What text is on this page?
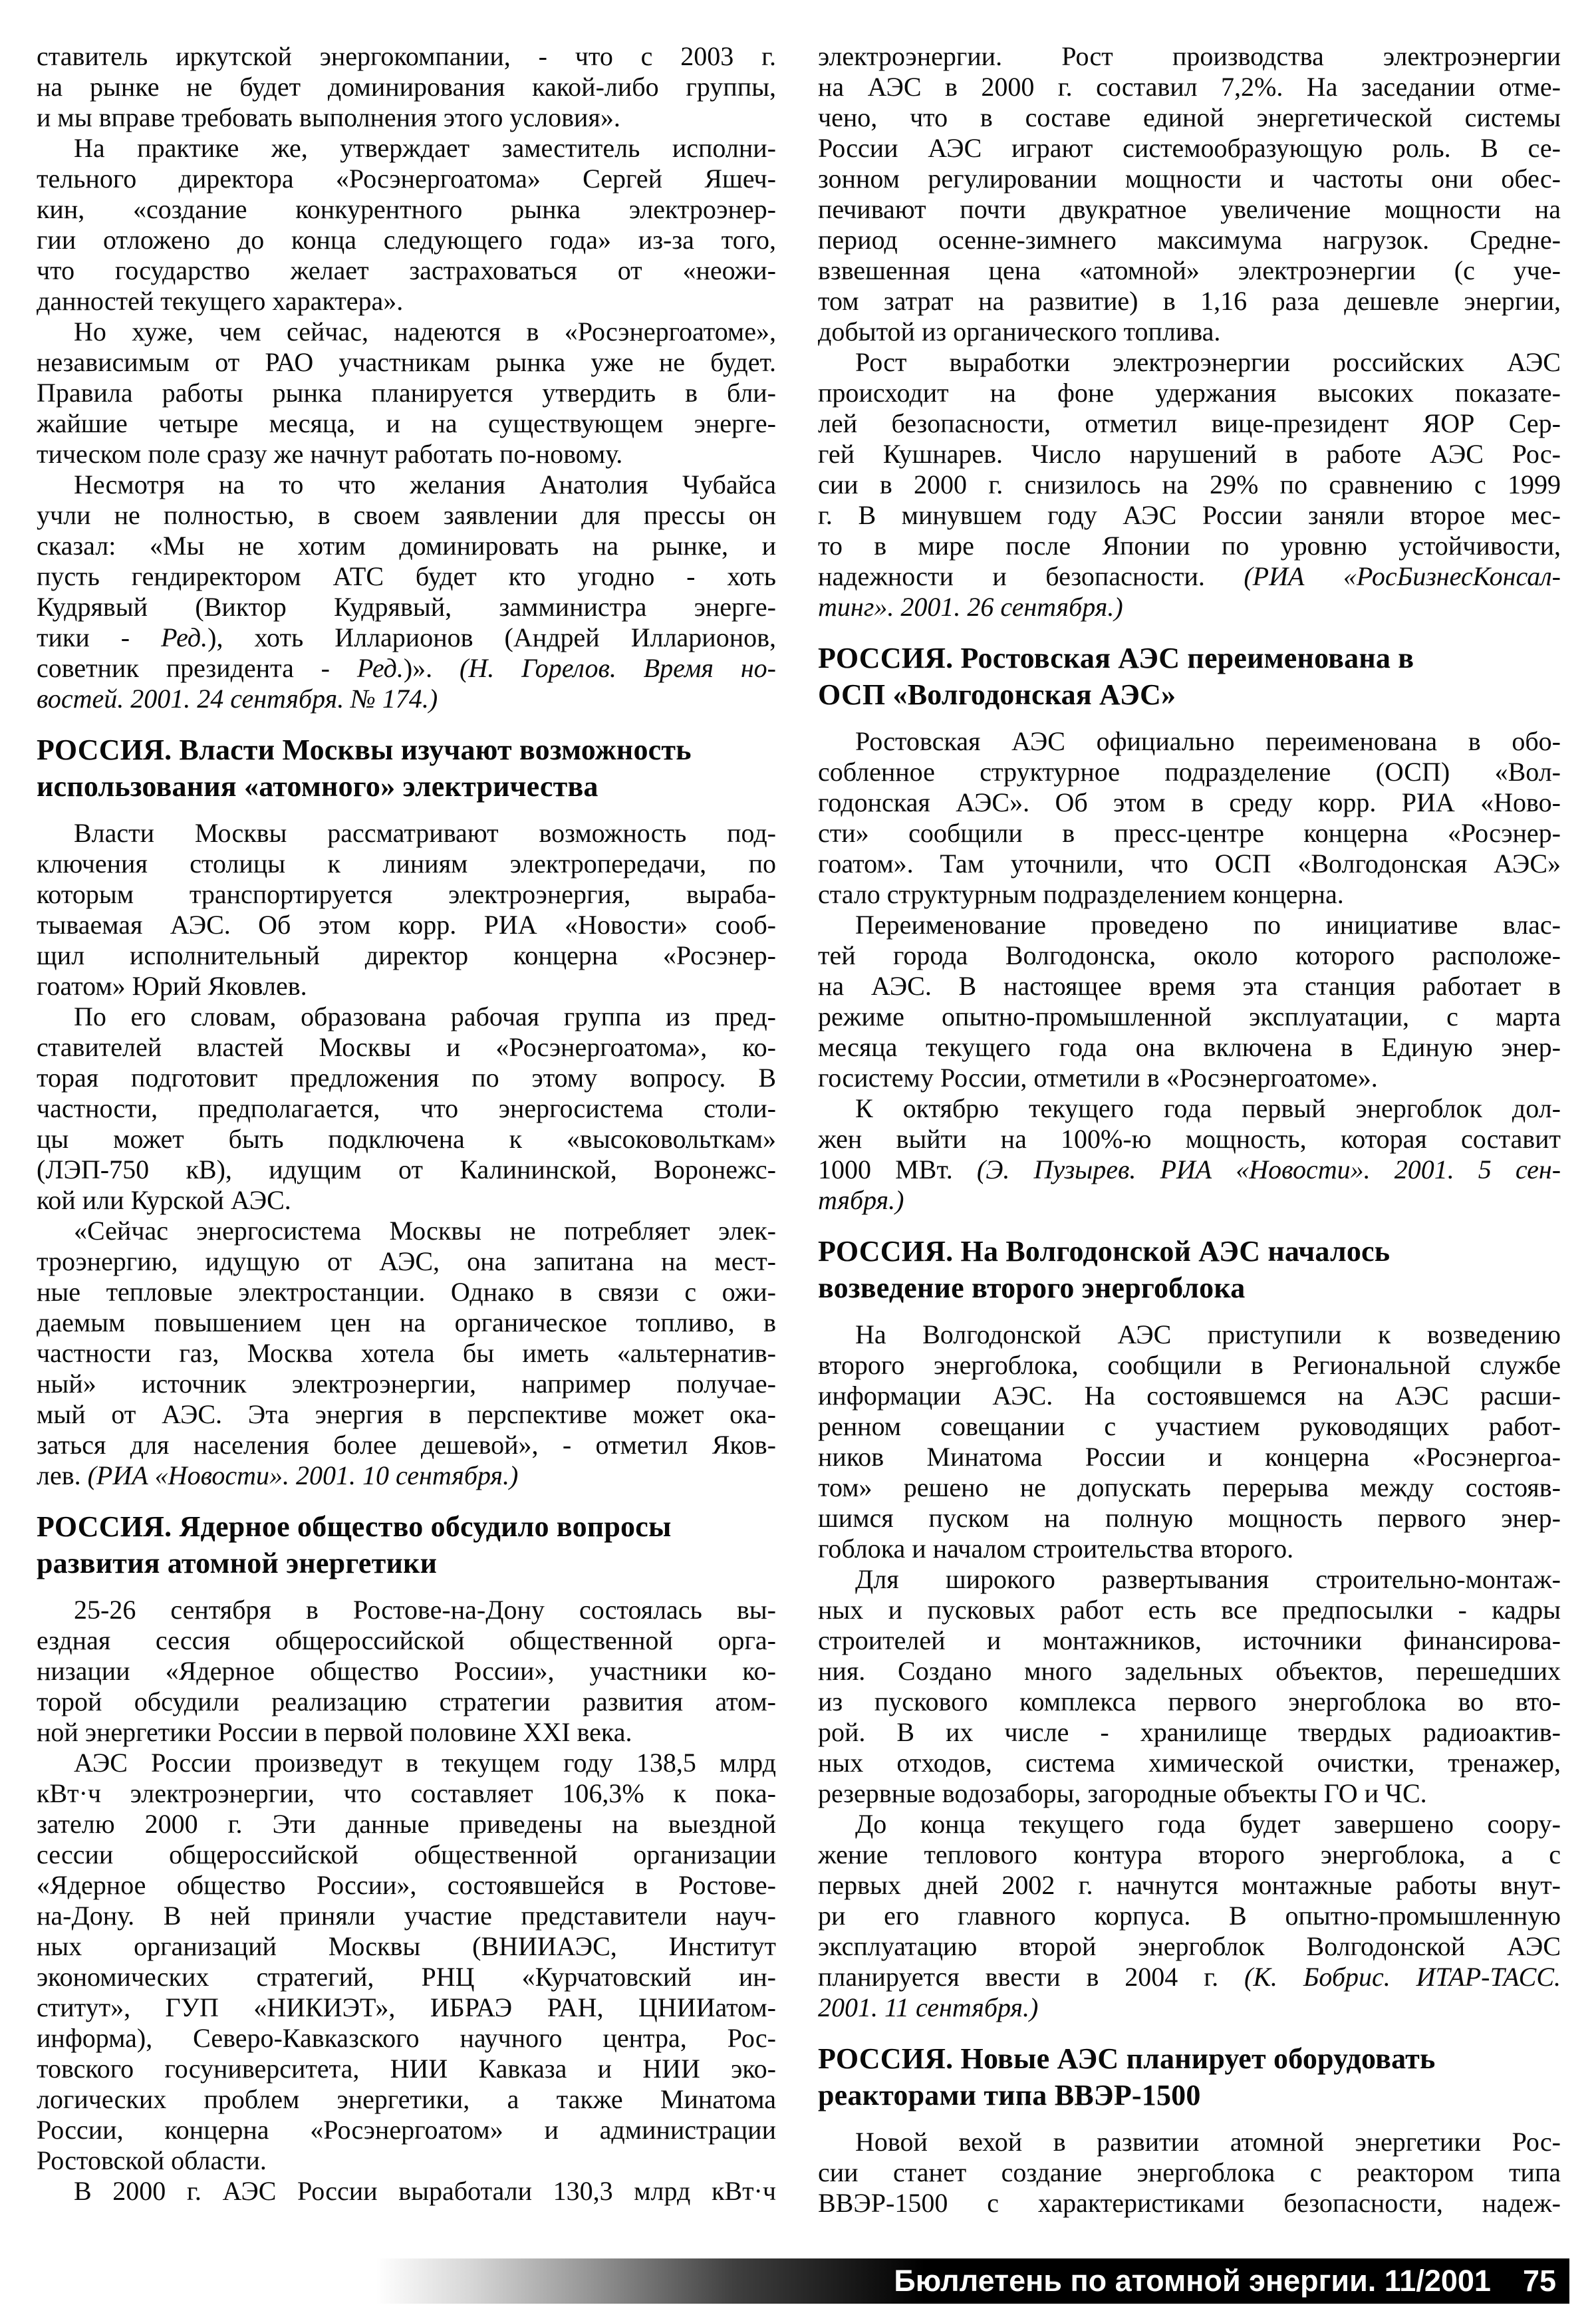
ставитель иркутской энергокомпании, - что с 2003 г.
на рынке не будет доминирования какой-либо группы,
и мы вправе требовать выполнения этого условия».
На практике же, утверждает заместитель исполни-
тельного директора «Росэнергоатома» Сергей Яшеч-
кин, «создание конкурентного рынка электроэнер-
гии отложено до конца следующего года» из-за того,
что государство желает застраховаться от «неожи-
данностей текущего характера».
Но хуже, чем сейчас, надеются в «Росэнергоатоме»,
независимым от РАО участникам рынка уже не будет.
Правила работы рынка планируется утвердить в бли-
жайшие четыре месяца, и на существующем энерге-
тическом поле сразу же начнут работать по-новому.
Несмотря на то что желания Анатолия Чубайса
учли не полностью, в своем заявлении для прессы он
сказал: «Мы не хотим доминировать на рынке, и
пусть гендиректором АТС будет кто угодно - хоть
Кудрявый (Виктор Кудрявый, замминистра энерге-
тики - Ред.), хоть Илларионов (Андрей Илларионов,
советник президента - Ред.)». (Н. Горелов. Время но-
востей. 2001. 24 сентября. № 174.)
РОССИЯ. Власти Москвы изучают возможность
использования «атомного» электричества
Власти Москвы рассматривают возможность под-
ключения столицы к линиям электропередачи, по
которым транспортируется электроэнергия, выраба-
тываемая АЭС. Об этом корр. РИА «Новости» сооб-
щил исполнительный директор концерна «Росэнер-
гоатом» Юрий Яковлев.
По его словам, образована рабочая группа из пред-
ставителей властей Москвы и «Росэнергоатома», ко-
торая подготовит предложения по этому вопросу. В
частности, предполагается, что энергосистема столи-
цы может быть подключена к «высоковольткам»
(ЛЭП-750 кВ), идущим от Калининской, Воронежс-
кой или Курской АЭС.
«Сейчас энергосистема Москвы не потребляет элек-
троэнергию, идущую от АЭС, она запитана на мест-
ные тепловые электростанции. Однако в связи с ожи-
даемым повышением цен на органическое топливо, в
частности газ, Москва хотела бы иметь «альтернатив-
ный» источник электроэнергии, например получае-
мый от АЭС. Эта энергия в перспективе может ока-
заться для населения более дешевой», - отметил Яков-
лев. (РИА «Новости». 2001. 10 сентября.)
РОССИЯ. Ядерное общество обсудило вопросы
развития атомной энергетики
25-26 сентября в Ростове-на-Дону состоялась вы-
ездная сессия общероссийской общественной орга-
низации «Ядерное общество России», участники ко-
торой обсудили реализацию стратегии развития атом-
ной энергетики России в первой половине XXI века.
АЭС России произведут в текущем году 138,5 млрд
кВт·ч электроэнергии, что составляет 106,3% к пока-
зателю 2000 г. Эти данные приведены на выездной
сессии общероссийской общественной организации
«Ядерное общество России», состоявшейся в Ростове-
на-Дону. В ней приняли участие представители науч-
ных организаций Москвы (ВНИИАЭС, Институт
экономических стратегий, РНЦ «Курчатовский ин-
ститут», ГУП «НИКИЭТ», ИБРАЭ РАН, ЦНИИатом-
информа), Северо-Кавказского научного центра, Рос-
товского госуниверситета, НИИ Кавказа и НИИ эко-
логических проблем энергетики, а также Минатома
России, концерна «Росэнергоатом» и администрации
Ростовской области.
В 2000 г. АЭС России выработали 130,3 млрд кВт·ч
электроэнергии. Рост производства электроэнергии
на АЭС в 2000 г. составил 7,2%. На заседании отме-
чено, что в составе единой энергетической системы
России АЭС играют системообразующую роль. В се-
зонном регулировании мощности и частоты они обес-
печивают почти двукратное увеличение мощности на
период осенне-зимнего максимума нагрузок. Средне-
взвешенная цена «атомной» электроэнергии (с уче-
том затрат на развитие) в 1,16 раза дешевле энергии,
добытой из органического топлива.
Рост выработки электроэнергии российских АЭС
происходит на фоне удержания высоких показате-
лей безопасности, отметил вице-президент ЯОР Сер-
гей Кушнарев. Число нарушений в работе АЭС Рос-
сии в 2000 г. снизилось на 29% по сравнению с 1999
г. В минувшем году АЭС России заняли второе мес-
то в мире после Японии по уровню устойчивости,
надежности и безопасности. (РИА «РосБизнесКонсал-
тинг». 2001. 26 сентября.)
РОССИЯ. Ростовская АЭС переименована в
ОСП «Волгодонская АЭС»
Ростовская АЭС официально переименована в обо-
собленное структурное подразделение (ОСП) «Вол-
годонская АЭС». Об этом в среду корр. РИА «Ново-
сти» сообщили в пресс-центре концерна «Росэнер-
гоатом». Там уточнили, что ОСП «Волгодонская АЭС»
стало структурным подразделением концерна.
Переименование проведено по инициативе влас-
тей города Волгодонска, около которого расположе-
на АЭС. В настоящее время эта станция работает в
режиме опытно-промышленной эксплуатации, с марта
месяца текущего года она включена в Единую энер-
госистему России, отметили в «Росэнергоатоме».
К октябрю текущего года первый энергоблок дол-
жен выйти на 100%-ю мощность, которая составит
1000 МВт. (Э. Пузырев. РИА «Новости». 2001. 5 сен-
тября.)
РОССИЯ. На Волгодонской АЭС началось
возведение второго энергоблока
На Волгодонской АЭС приступили к возведению
второго энергоблока, сообщили в Региональной службе
информации АЭС. На состоявшемся на АЭС расши-
ренном совещании с участием руководящих работ-
ников Минатома России и концерна «Росэнергоа-
том» решено не допускать перерыва между состояв-
шимся пуском на полную мощность первого энер-
гоблока и началом строительства второго.
Для широкого развертывания строительно-монтаж-
ных и пусковых работ есть все предпосылки - кадры
строителей и монтажников, источники финансирова-
ния. Создано много задельных объектов, перешедших
из пускового комплекса первого энергоблока во вто-
рой. В их числе - хранилище твердых радиоактив-
ных отходов, система химической очистки, тренажер,
резервные водозаборы, загородные объекты ГО и ЧС.
До конца текущего года будет завершено соору-
жение теплового контура второго энергоблока, а с
первых дней 2002 г. начнутся монтажные работы внут-
ри его главного корпуса. В опытно-промышленную
эксплуатацию второй энергоблок Волгодонской АЭС
планируется ввести в 2004 г. (К. Бобрис. ИТАР-ТАСС.
2001. 11 сентября.)
РОССИЯ. Новые АЭС планирует оборудовать
реакторами типа ВВЭР-1500
Новой вехой в развитии атомной энергетики Рос-
сии станет создание энергоблока с реактором типа
ВВЭР-1500 с характеристиками безопасности, надеж-
Бюллетень по атомной энергии. 11/2001 75
